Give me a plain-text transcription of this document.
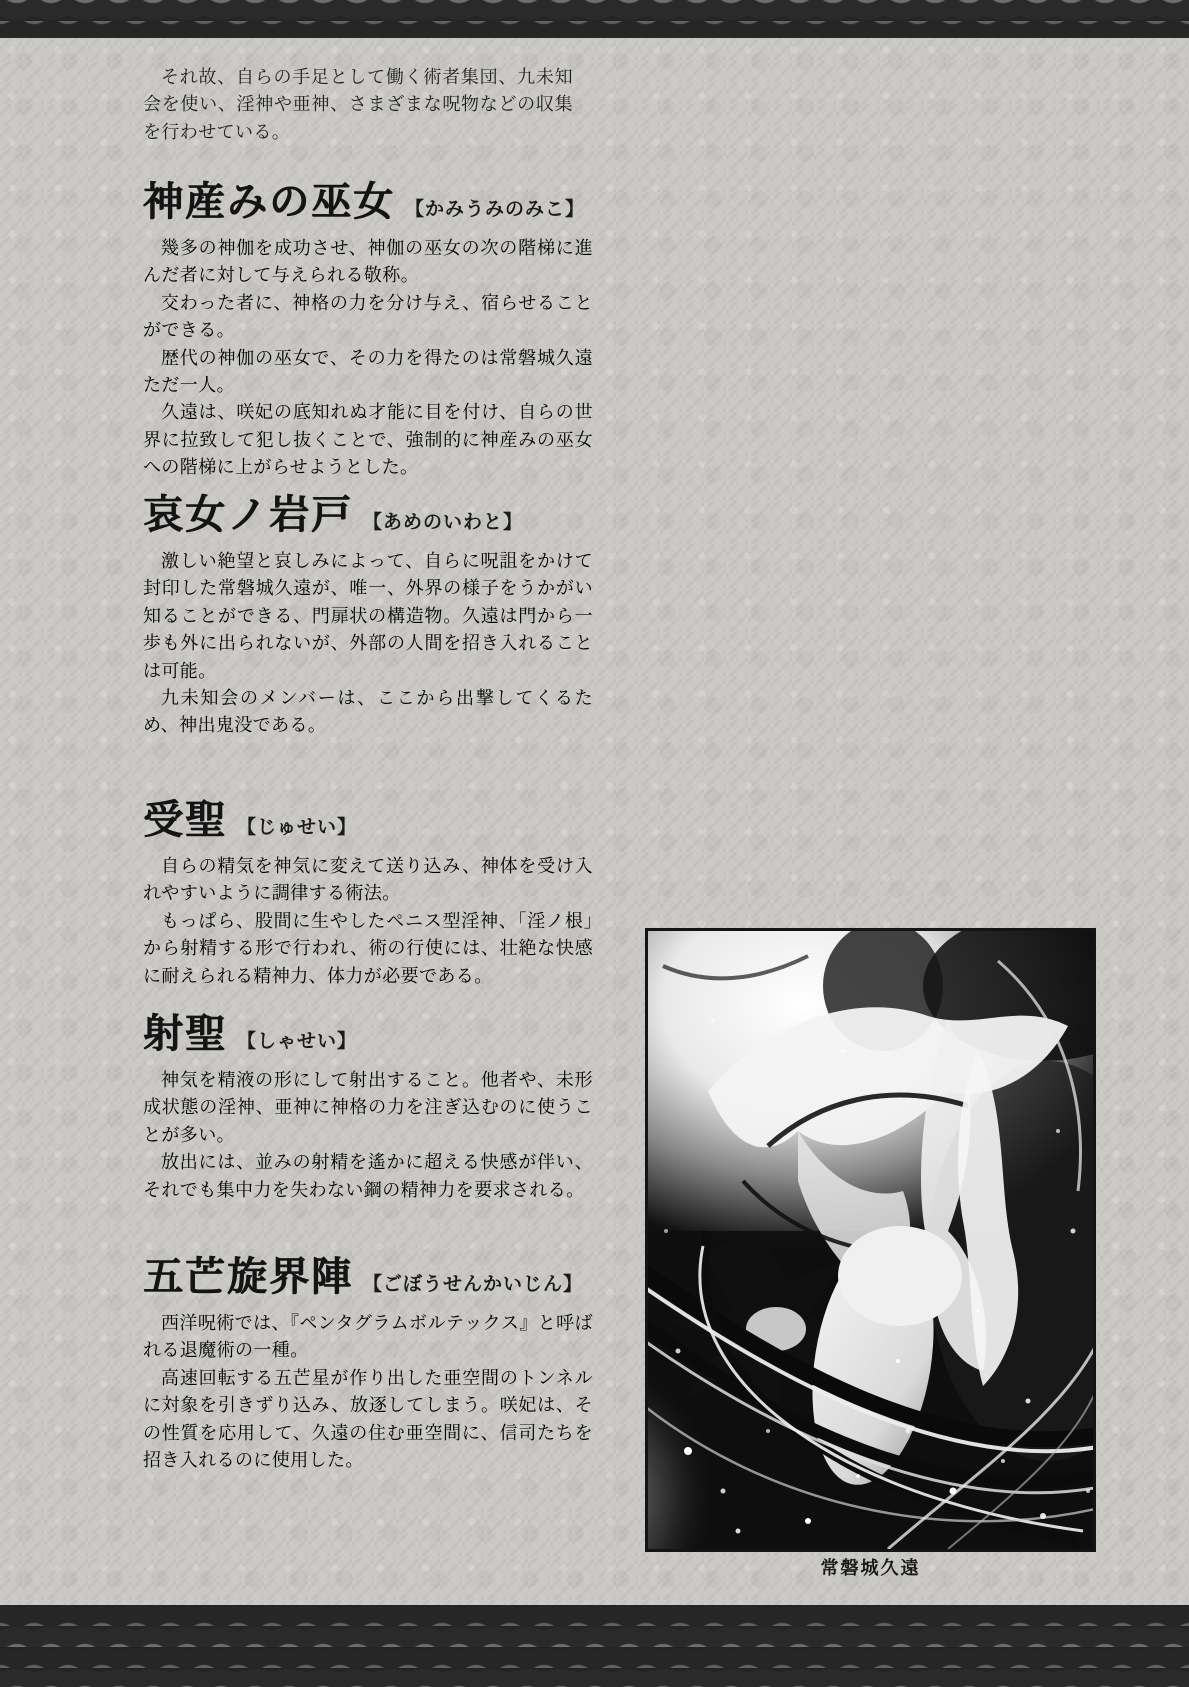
それ故、自らの手足として働く術者集団、九未知会を使い、淫神や亜神、さまざまな呪物などの収集を行わせている。

神産みの巫女 【かみうみのみこ】

幾多の神伽を成功させ、神伽の巫女の次の階梯に進んだ者に対して与えられる敬称。

交わった者に、神格の力を分け与え、宿らせることができる。

歴代の神伽の巫女で、その力を得たのは常磐城久遠ただ一人。

久遠は、咲妃の底知れぬ才能に目を付け、自らの世界に拉致して犯し抜くことで、強制的に神産みの巫女への階梯に上がらせようとした。

哀女ノ岩戸 【あめのいわと】

激しい絶望と哀しみによって、自らに呪詛をかけて封印した常磐城久遠が、唯一、外界の様子をうかがい知ることができる、門扉状の構造物。久遠は門から一歩も外に出られないが、外部の人間を招き入れることは可能。

九未知会のメンバーは、ここから出撃してくるため、神出鬼没である。

受聖 【じゅせい】

自らの精気を神気に変えて送り込み、神体を受け入れやすいように調律する術法。

もっぱら、股間に生やしたペニス型淫神、「淫ノ根」から射精する形で行われ、術の行使には、壮絶な快感に耐えられる精神力、体力が必要である。

射聖 【しゃせい】

神気を精液の形にして射出すること。他者や、未形成状態の淫神、亜神に神格の力を注ぎ込むのに使うことが多い。

放出には、並みの射精を遙かに超える快感が伴い、それでも集中力を失わない鋼の精神力を要求される。

五芒旋界陣 【ごぼうせんかいじん】

西洋呪術では、『ペンタグラムボルテックス』と呼ばれる退魔術の一種。

高速回転する五芒星が作り出した亜空間のトンネルに対象を引きずり込み、放逐してしまう。咲妃は、その性質を応用して、久遠の住む亜空間に、信司たちを招き入れるのに使用した。

常磐城久遠
